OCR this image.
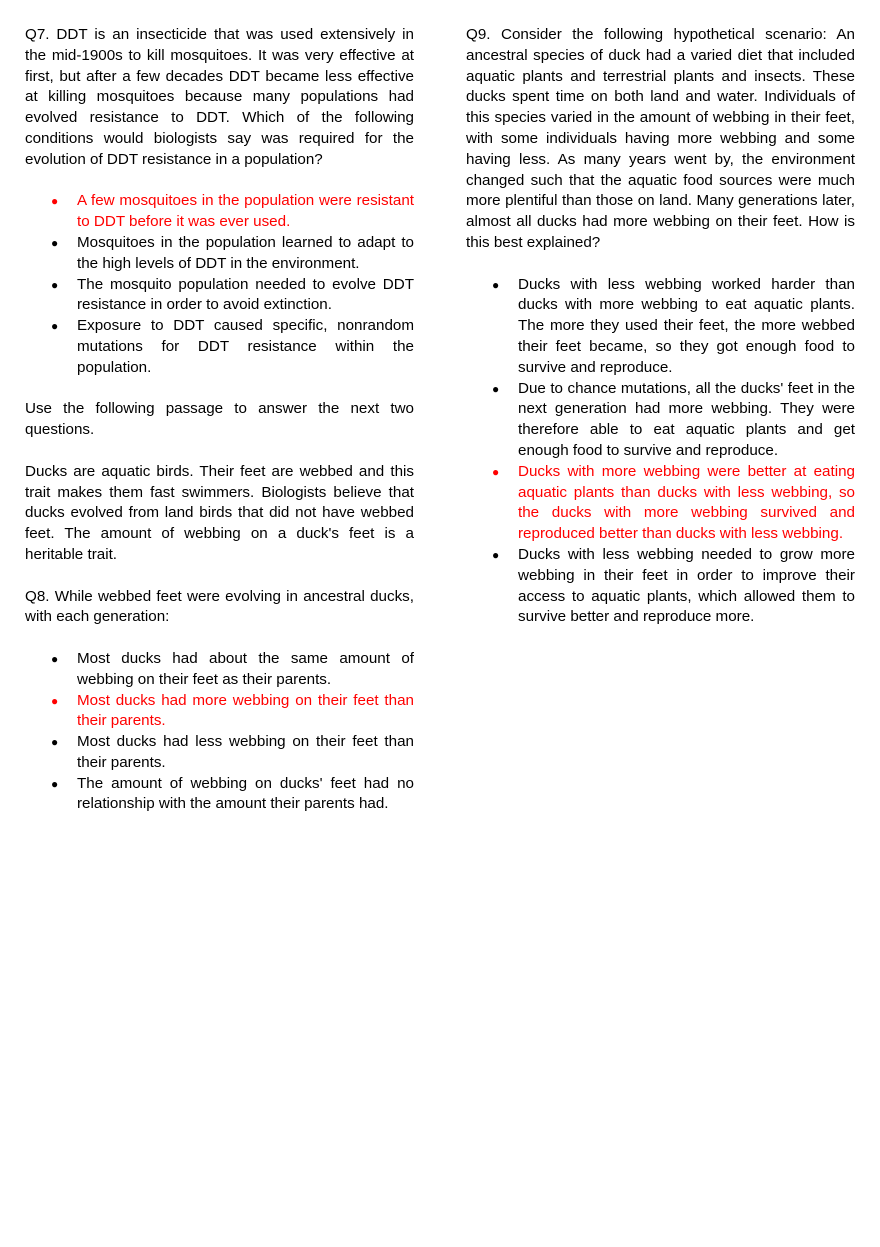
Q7. DDT is an insecticide that was used extensively in the mid-1900s to kill mosquitoes. It was very effective at first, but after a few decades DDT became less effective at killing mosquitoes because many populations had evolved resistance to DDT. Which of the following conditions would biologists say was required for the evolution of DDT resistance in a population?

● A few mosquitoes in the population were resistant to DDT before it was ever used.
● Mosquitoes in the population learned to adapt to the high levels of DDT in the environment.
● The mosquito population needed to evolve DDT resistance in order to avoid extinction.
● Exposure to DDT caused specific, nonrandom mutations for DDT resistance within the population.

Use the following passage to answer the next two questions.

Ducks are aquatic birds. Their feet are webbed and this trait makes them fast swimmers. Biologists believe that ducks evolved from land birds that did not have webbed feet. The amount of webbing on a duck's feet is a heritable trait.

Q8. While webbed feet were evolving in ancestral ducks, with each generation:

● Most ducks had about the same amount of webbing on their feet as their parents.
● Most ducks had more webbing on their feet than their parents.
● Most ducks had less webbing on their feet than their parents.
● The amount of webbing on ducks' feet had no relationship with the amount their parents had.

Q9. Consider the following hypothetical scenario: An ancestral species of duck had a varied diet that included aquatic plants and terrestrial plants and insects. These ducks spent time on both land and water. Individuals of this species varied in the amount of webbing in their feet, with some individuals having more webbing and some having less. As many years went by, the environment changed such that the aquatic food sources were much more plentiful than those on land. Many generations later, almost all ducks had more webbing on their feet. How is this best explained?

● Ducks with less webbing worked harder than ducks with more webbing to eat aquatic plants. The more they used their feet, the more webbed their feet became, so they got enough food to survive and reproduce.
● Due to chance mutations, all the ducks' feet in the next generation had more webbing. They were therefore able to eat aquatic plants and get enough food to survive and reproduce.
● Ducks with more webbing were better at eating aquatic plants than ducks with less webbing, so the ducks with more webbing survived and reproduced better than ducks with less webbing.
● Ducks with less webbing needed to grow more webbing in their feet in order to improve their access to aquatic plants, which allowed them to survive better and reproduce more.
